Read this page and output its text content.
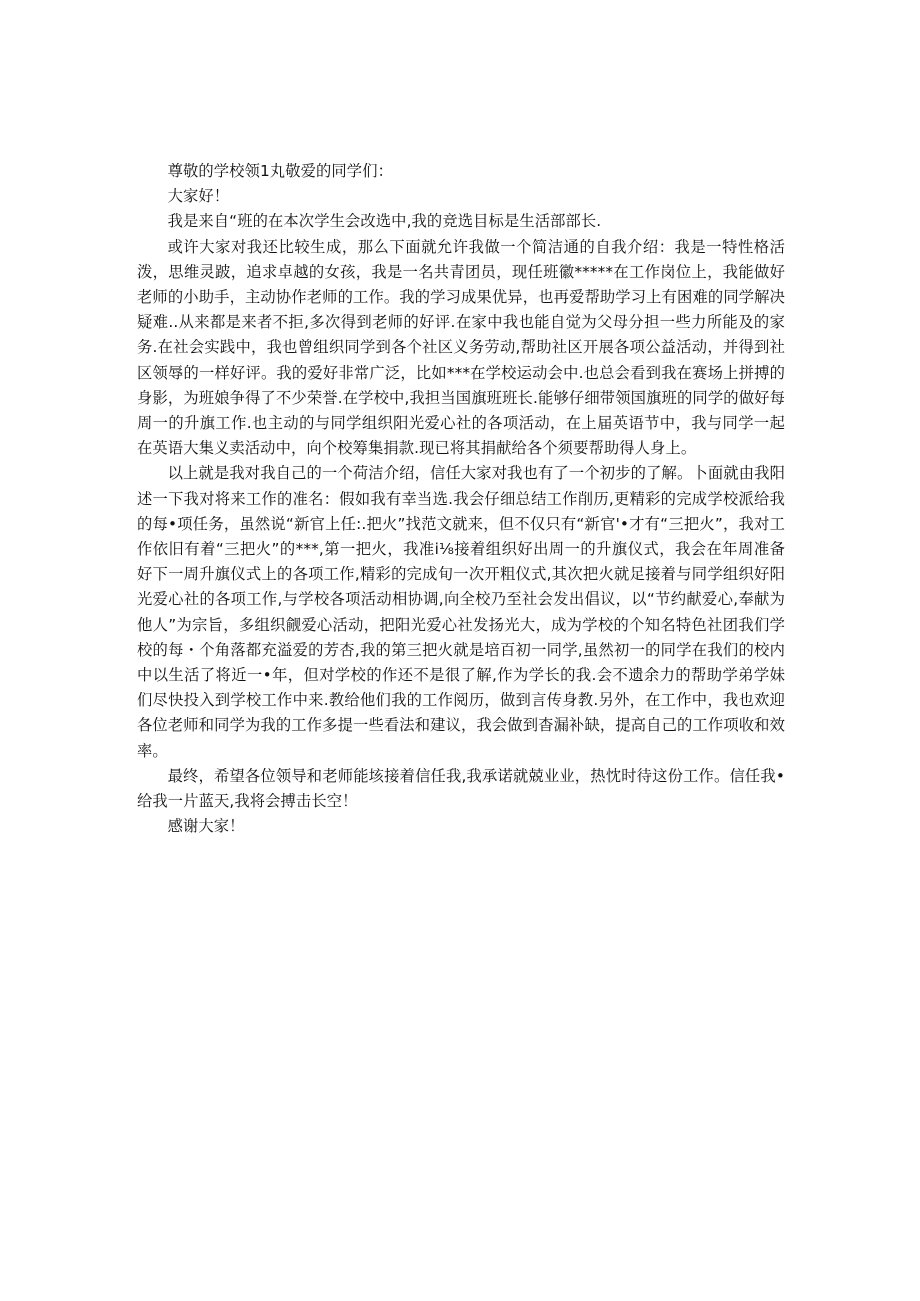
尊敬的学校领1丸敬爱的同学们：

大家好！

我是来自“班的在本次学生会改选中,我的竞选目标是生活部部长.

或许大家对我还比较生成，那么下面就允许我做一个简洁通的自我介绍：我是一特性格活泼，思维灵跛，追求卓越的女孩，我是一名共青团员，现任班徽*****在工作岗位上，我能做好老师的小助手，主动协作老师的工作。我的学习成果优异，也再爱帮助学习上有困难的同学解决疑难..从来都是来者不拒,多次得到老师的好评.在家中我也能自觉为父母分担一些力所能及的家务.在社会实践中，我也曾组织同学到各个社区义务劳动,帮助社区开展各项公益活动，并得到社区领辱的一样好评。我的爱好非常广泛，比如***在学校运动会中.也总会看到我在赛场上拼搏的身影，为班娘争得了不少荣誉.在学校中,我担当国旗班班长.能够仔细带领国旗班的同学的做好每周一的升旗工作.也主动的与同学组织阳光爱心社的各项活动，在上届英语节中，我与同学一起在英语大集义卖活动中，向个校筹集捐款.现已将其捐献给各个须要帮助得人身上。

以上就是我对我自己的一个荷洁介绍，信任大家对我也有了一个初步的了解。卜面就由我阳述一下我对将来工作的准名：假如我有幸当选.我会仔细总结工作削历,更精彩的完成学校派给我的每•项任务，虽然说“新官上任:.把火”找范文就来，但不仅只有“新官'•才有“三把火”，我对工作依旧有着“三把火”的***,第一把火，我准i⅛接着组织好出周一的升旗仪式，我会在年周准备好下一周升旗仪式上的各项工作,精彩的完成旬一次开粗仪式,其次把火就足接着与同学组织好阳光爱心社的各项工作,与学校各项活动相协调,向全校乃至社会发出倡议，以“节约献爱心,奉献为他人”为宗旨，多组织觎爱心活动，把阳光爱心社发扬光大，成为学校的个知名特色社团我们学校的每・个角落都充溢爱的芳杏,我的第三把火就是培百初一同学,虽然初一的同学在我们的校内中以生活了将近一•年，但对学校的作还不是很了解,作为学长的我.会不遗余力的帮助学弟学妹们尽快投入到学校工作中来.教给他们我的工作阅历，做到言传身教.另外，在工作中，我也欢迎各位老师和同学为我的工作多提一些看法和建议，我会做到杳漏补缺，提高自己的工作项收和效率。

最终，希望各位领导和老师能垓接着信任我,我承诺就兢业业，热忱时待这份工作。信任我•给我一片蓝天,我将会搏击长空！

感谢大家！
